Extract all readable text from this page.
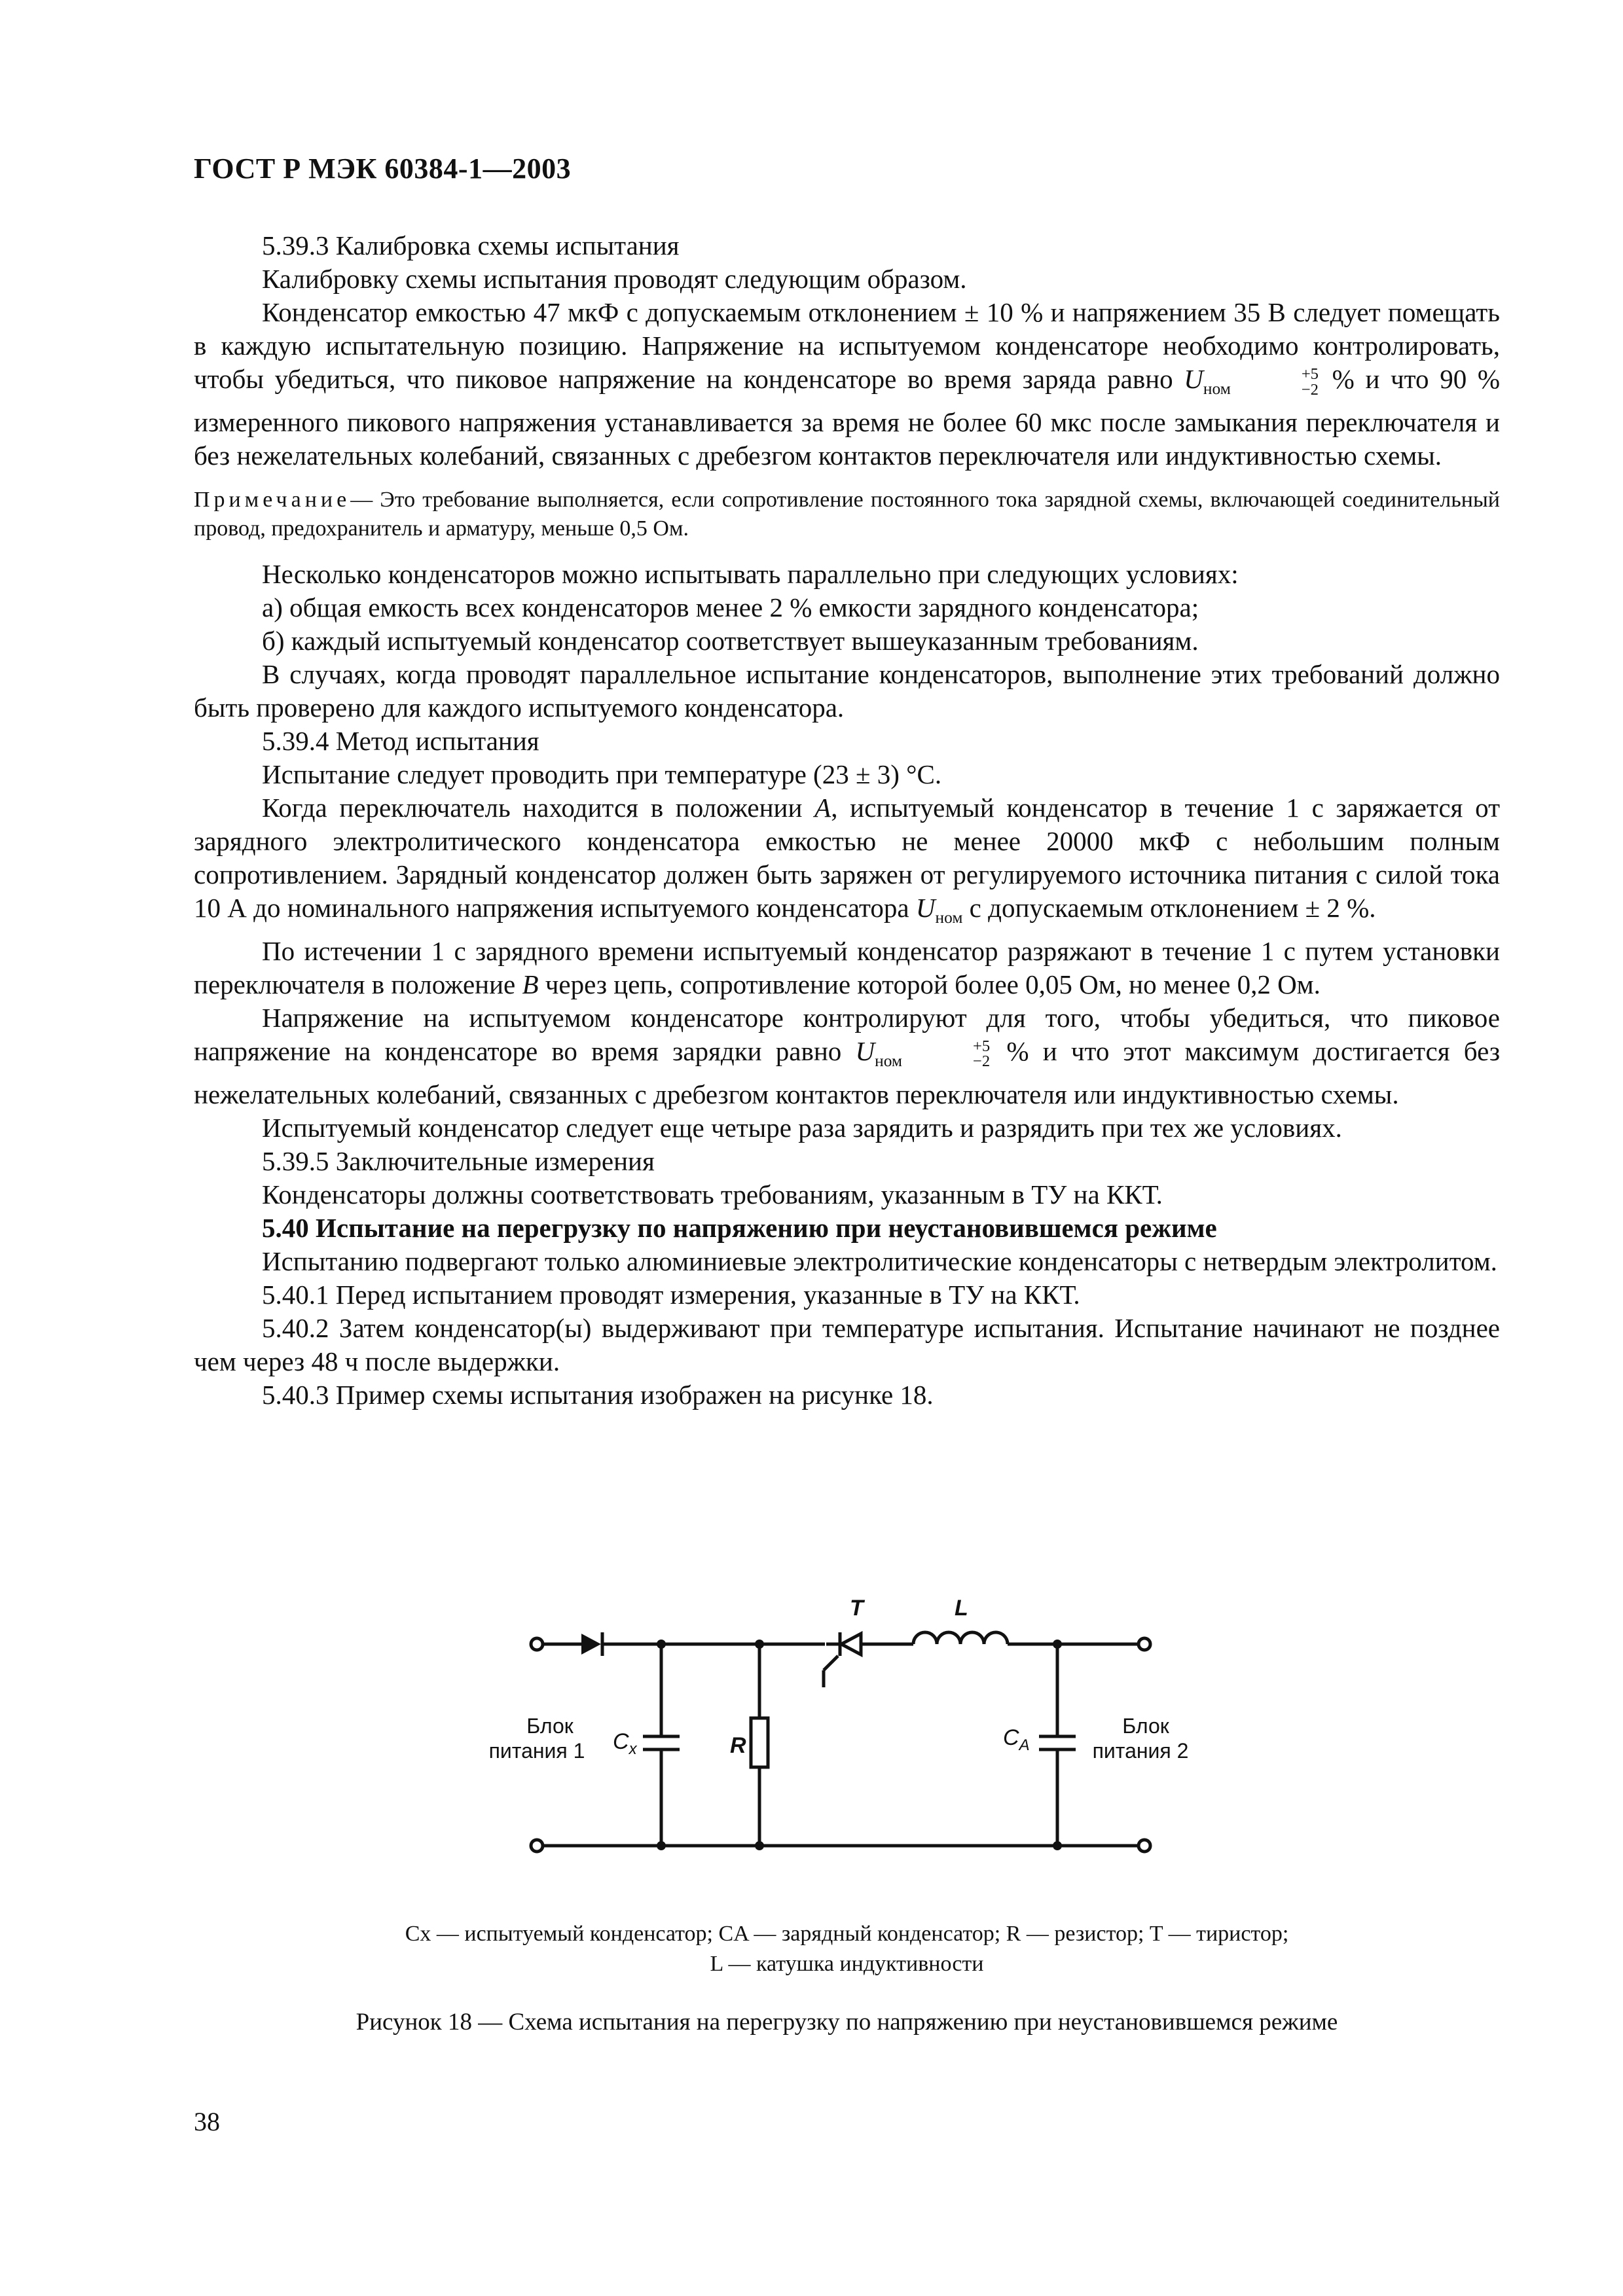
ГОСТ Р МЭК 60384-1—2003

5.39.3 Калибровка схемы испытания

Калибровку схемы испытания проводят следующим образом.

Конденсатор емкостью 47 мкФ с допускаемым отклонением ± 10 % и напряжением 35 В следует помещать в каждую испытательную позицию. Напряжение на испытуемом конденсаторе необходимо контролировать, чтобы убедиться, что пиковое напряжение на конденсаторе во время заряда равно $U_{ном}$
+5
−2 % и что 90 % измеренного пикового напряжения устанавливается за время не более 60 мкс после замыкания переключателя и без нежелательных колебаний, связанных с дребезгом контактов переключателя или индуктивностью схемы.

Примечание— Это требование выполняется, если сопротивление постоянного тока зарядной схемы, включающей соединительный провод, предохранитель и арматуру, меньше 0,5 Ом.

Несколько конденсаторов можно испытывать параллельно при следующих условиях:

а) общая емкость всех конденсаторов менее 2 % емкости зарядного конденсатора;

б) каждый испытуемый конденсатор соответствует вышеуказанным требованиям.

В случаях, когда проводят параллельное испытание конденсаторов, выполнение этих требований должно быть проверено для каждого испытуемого конденсатора.

5.39.4 Метод испытания

Испытание следует проводить при температуре (23 ± 3) °С.

Когда переключатель находится в положении А, испытуемый конденсатор в течение 1 с заряжается от зарядного электролитического конденсатора емкостью не менее 20000 мкФ с небольшим полным сопротивлением. Зарядный конденсатор должен быть заряжен от регулируемого источника питания с силой тока 10 А до номинального напряжения испытуемого конденсатора $U_{ном}$ с допускаемым отклонением ± 2 %.

По истечении 1 с зарядного времени испытуемый конденсатор разряжают в течение 1 с путем установки переключателя в положение В через цепь, сопротивление которой более 0,05 Ом, но менее 0,2 Ом.

Напряжение на испытуемом конденсаторе контролируют для того, чтобы убедиться, что пиковое напряжение на конденсаторе во время зарядки равно $U_{ном}$
+5
−2 % и что этот максимум достигается без нежелательных колебаний, связанных с дребезгом контактов переключателя или индуктивностью схемы.

Испытуемый конденсатор следует еще четыре раза зарядить и разрядить при тех же условиях.

5.39.5 Заключительные измерения

Конденсаторы должны соответствовать требованиям, указанным в ТУ на ККТ.

5.40 Испытание на перегрузку по напряжению при неустановившемся режиме

Испытанию подвергают только алюминиевые электролитические конденсаторы с нетвердым электролитом.

5.40.1 Перед испытанием проводят измерения, указанные в ТУ на ККТ.

5.40.2 Затем конденсатор(ы) выдерживают при температуре испытания. Испытание начинают не позднее чем через 48 ч после выдержки.

5.40.3 Пример схемы испытания изображен на рисунке 18.

T	L
R
$C_x$	$C_A$
Блок
питания 1
Блок
питания 2
Cx — испытуемый конденсатор; CA — зарядный конденсатор; R — резистор; T — тиристор;
L — катушка индуктивности
Рисунок 18 — Схема испытания на перегрузку по напряжению при неустановившемся режиме
38
